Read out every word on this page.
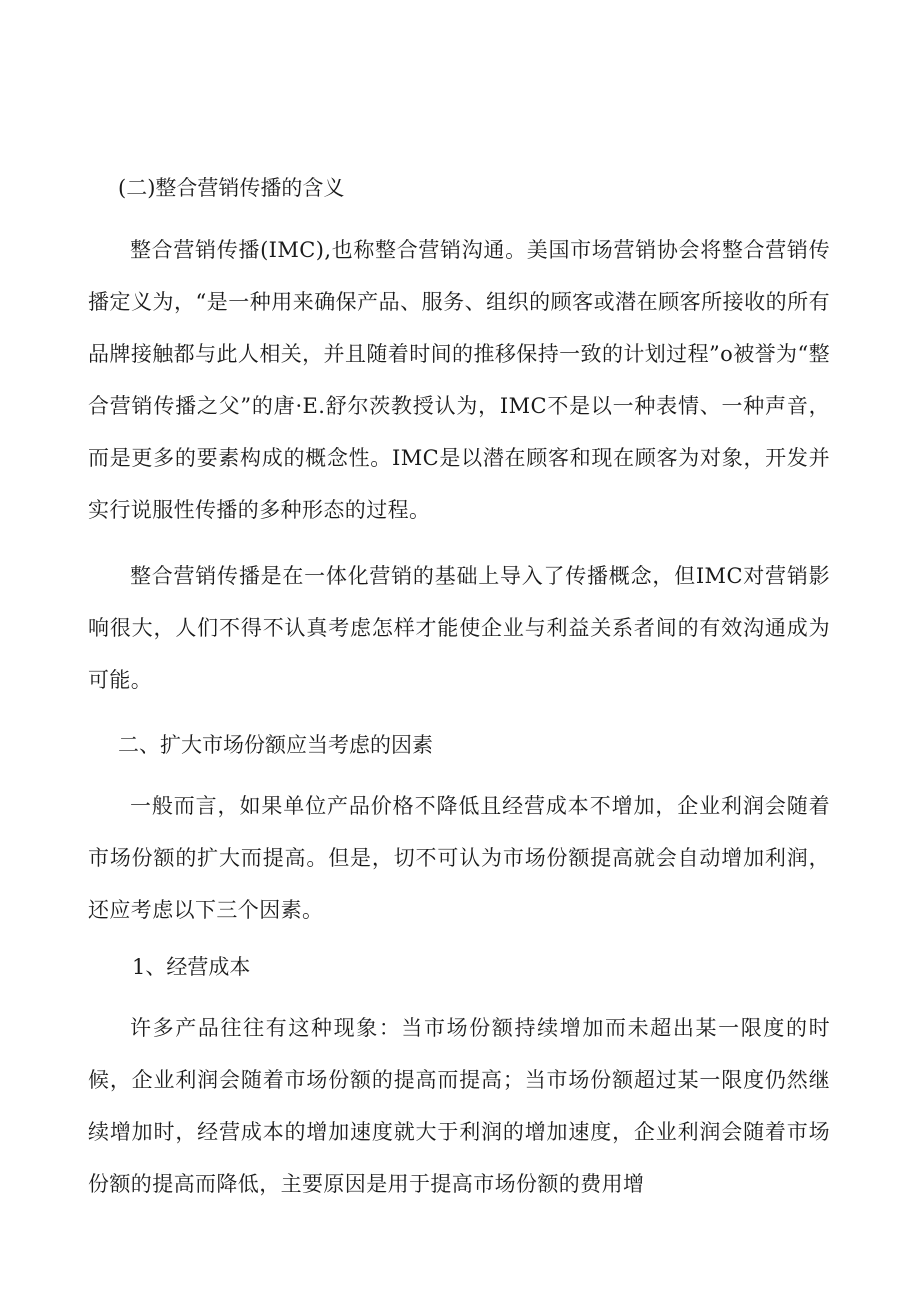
(二)整合营销传播的含义

整合营销传播(IMC),也称整合营销沟通。美国市场营销协会将整合营销传播定义为，“是一种用来确保产品、服务、组织的顾客或潜在顾客所接收的所有品牌接触都与此人相关，并且随着时间的推移保持一致的计划过程”o被誉为“整合营销传播之父”的唐·E.舒尔茨教授认为，IMC不是以一种表情、一种声音，而是更多的要素构成的概念性。IMC是以潜在顾客和现在顾客为对象，开发并实行说服性传播的多种形态的过程。

整合营销传播是在一体化营销的基础上导入了传播概念，但IMC对营销影响很大，人们不得不认真考虑怎样才能使企业与利益关系者间的有效沟通成为可能。

二、扩大市场份额应当考虑的因素

一般而言，如果单位产品价格不降低且经营成本不增加，企业利润会随着市场份额的扩大而提高。但是，切不可认为市场份额提高就会自动增加利润，还应考虑以下三个因素。

1、经营成本

许多产品往往有这种现象：当市场份额持续增加而未超出某一限度的时候，企业利润会随着市场份额的提高而提高；当市场份额超过某一限度仍然继续增加时，经营成本的增加速度就大于利润的增加速度，企业利润会随着市场份额的提高而降低，主要原因是用于提高市场份额的费用增
